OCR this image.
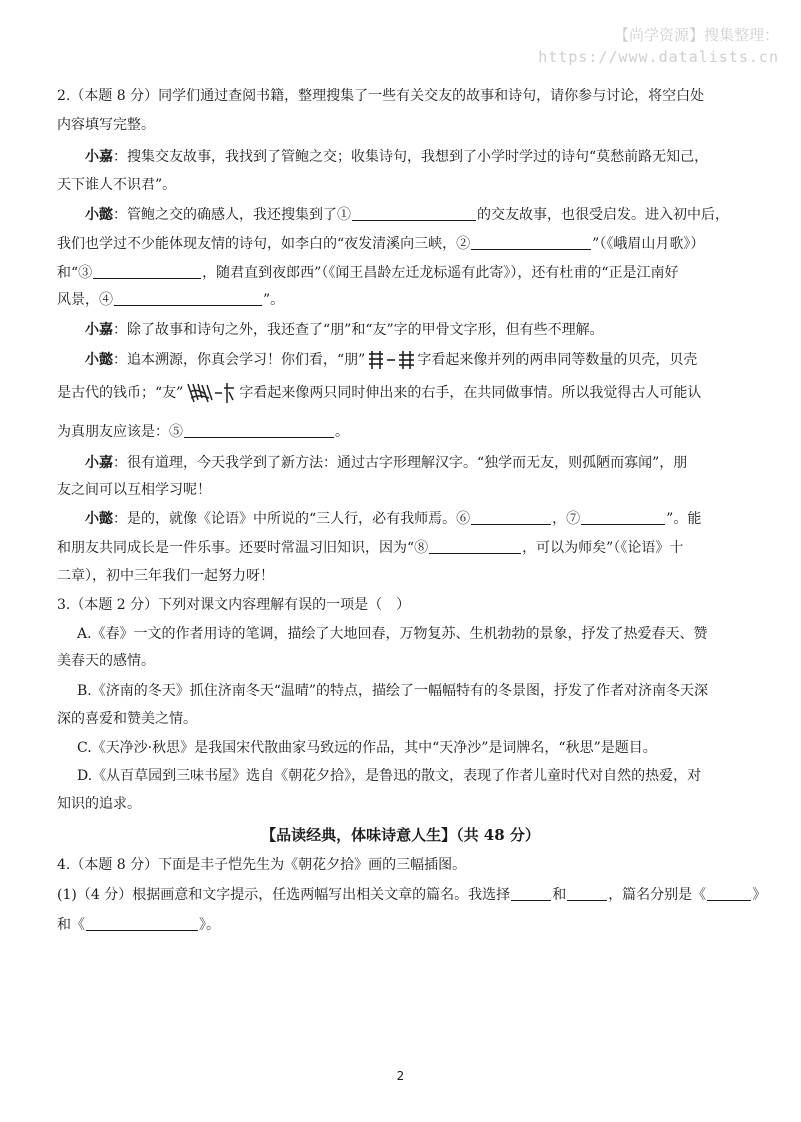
【尚学资源】搜集整理：
https://www.datalists.cn
2.（本题 8 分）同学们通过查阅书籍，整理搜集了一些有关交友的故事和诗句，请你参与讨论，将空白处
内容填写完整。
小嘉：搜集交友故事，我找到了管鲍之交；收集诗句，我想到了小学时学过的诗句“莫愁前路无知己，
天下谁人不识君”。
小懿：管鲍之交的确感人，我还搜集到了①	的交友故事，也很受启发。进入初中后，
我们也学过不少能体现友情的诗句，如李白的“夜发清溪向三峡，②	”（《峨眉山月歌》）
和“③	，随君直到夜郎西”（《闻王昌龄左迁龙标遥有此寄》），还有杜甫的“正是江南好
风景，④	”。
小嘉：除了故事和诗句之外，我还查了“朋”和“友”字的甲骨文字形，但有些不理解。
小懿：追本溯源，你真会学习！你们看，“朋”	字看起来像并列的两串同等数量的贝壳，贝壳
是古代的钱币；“友”	字看起来像两只同时伸出来的右手，在共同做事情。所以我觉得古人可能认
为真朋友应该是：⑤	。
小嘉：很有道理，今天我学到了新方法：通过古字形理解汉字。“独学而无友，则孤陋而寡闻”，朋
友之间可以互相学习呢！
小懿：是的，就像《论语》中所说的“三人行，必有我师焉。⑥	，⑦	”。能
和朋友共同成长是一件乐事。还要时常温习旧知识，因为“⑧	，可以为师矣”（《论语》十
二章），初中三年我们一起努力呀！
3.（本题 2 分）下列对课文内容理解有误的一项是（　）
A.《春》一文的作者用诗的笔调，描绘了大地回春，万物复苏、生机勃勃的景象，抒发了热爱春天、赞
美春天的感情。
B.《济南的冬天》抓住济南冬天“温晴”的特点，描绘了一幅幅特有的冬景图，抒发了作者对济南冬天深
深的喜爱和赞美之情。
C.《天净沙·秋思》是我国宋代散曲家马致远的作品，其中“天净沙”是词牌名，“秋思”是题目。
D.《从百草园到三味书屋》选自《朝花夕拾》，是鲁迅的散文，表现了作者儿童时代对自然的热爱，对
知识的追求。
【品读经典，体味诗意人生】（共 48 分）
4.（本题 8 分）下面是丰子恺先生为《朝花夕拾》画的三幅插图。
(1)（4 分）根据画意和文字提示，任选两幅写出相关文章的篇名。我选择	和	，篇名分别是《	》
和《	》。
2
